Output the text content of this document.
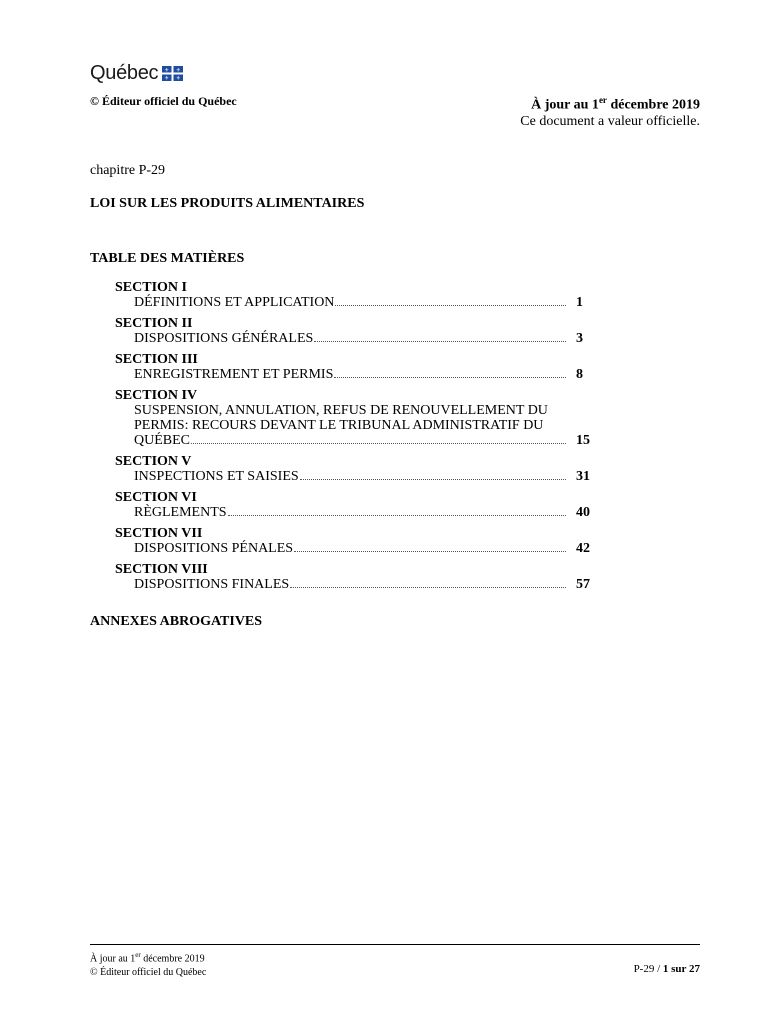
Québec ⚜ ⚜
⚜ ⚜
© Éditeur officiel du Québec	À jour au 1er décembre 2019
Ce document a valeur officielle.
chapitre P-29
LOI SUR LES PRODUITS ALIMENTAIRES
TABLE DES MATIÈRES
SECTION I
DÉFINITIONS ET APPLICATION	1
SECTION II
DISPOSITIONS GÉNÉRALES	3
SECTION III
ENREGISTREMENT ET PERMIS	8
SECTION IV
SUSPENSION, ANNULATION, REFUS DE RENOUVELLEMENT DU
PERMIS: RECOURS DEVANT LE TRIBUNAL ADMINISTRATIF DU
QUÉBEC	15
SECTION V
INSPECTIONS ET SAISIES	31
SECTION VI
RÈGLEMENTS	40
SECTION VII
DISPOSITIONS PÉNALES	42
SECTION VIII
DISPOSITIONS FINALES	57
ANNEXES ABROGATIVES
À jour au 1er décembre 2019
© Éditeur officiel du Québec	P-29 / 1 sur 27
